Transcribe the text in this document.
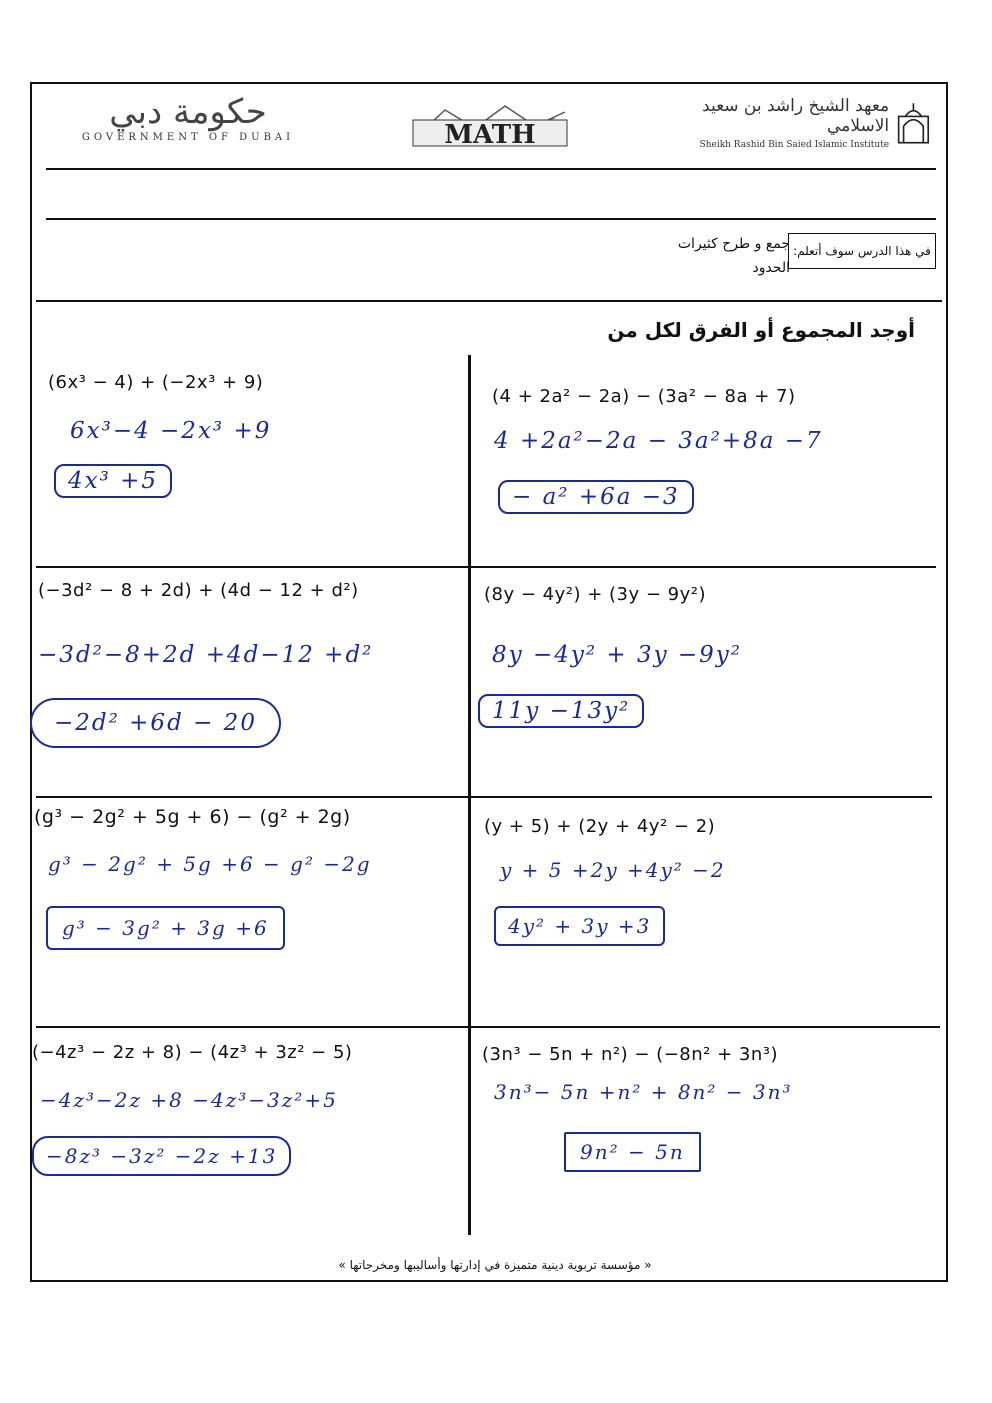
حكومة دبي
GOVERNMENT OF DUBAI	MATH
معهد الشيخ راشد بن سعيد الاسلامي
Sheikh Rashid Bin Saied Islamic Institute
في هذا الدرس سوف أتعلم:
جمع و طرح كثيرات
الحدود
أوجد المجموع أو الفرق لكل من
(6x³ − 4) + (−2x³ + 9)
6x³−4 −2x³ +9
4x³ +5
(4 + 2a² − 2a) − (3a² − 8a + 7)
4 +2a²−2a − 3a²+8a −7
− a² +6a −3
(−3d² − 8 + 2d) + (4d − 12 + d²)
−3d²−8+2d +4d−12 +d²
−2d² +6d − 20
(8y − 4y²) + (3y − 9y²)
8y −4y² + 3y −9y²
11y −13y²
(g³ − 2g² + 5g + 6) − (g² + 2g)
g³ − 2g² + 5g +6 − g² −2g
g³ − 3g² + 3g +6
(y + 5) + (2y + 4y² − 2)
y + 5 +2y +4y² −2
4y² + 3y +3
(−4z³ − 2z + 8) − (4z³ + 3z² − 5)
−4z³−2z +8 −4z³−3z²+5
−8z³ −3z² −2z +13
(3n³ − 5n + n²) − (−8n² + 3n³)
3n³− 5n +n² + 8n² − 3n³
9n² − 5n
« مؤسسة تربوية دينية متميزة في إدارتها وأساليبها ومخرجاتها »
